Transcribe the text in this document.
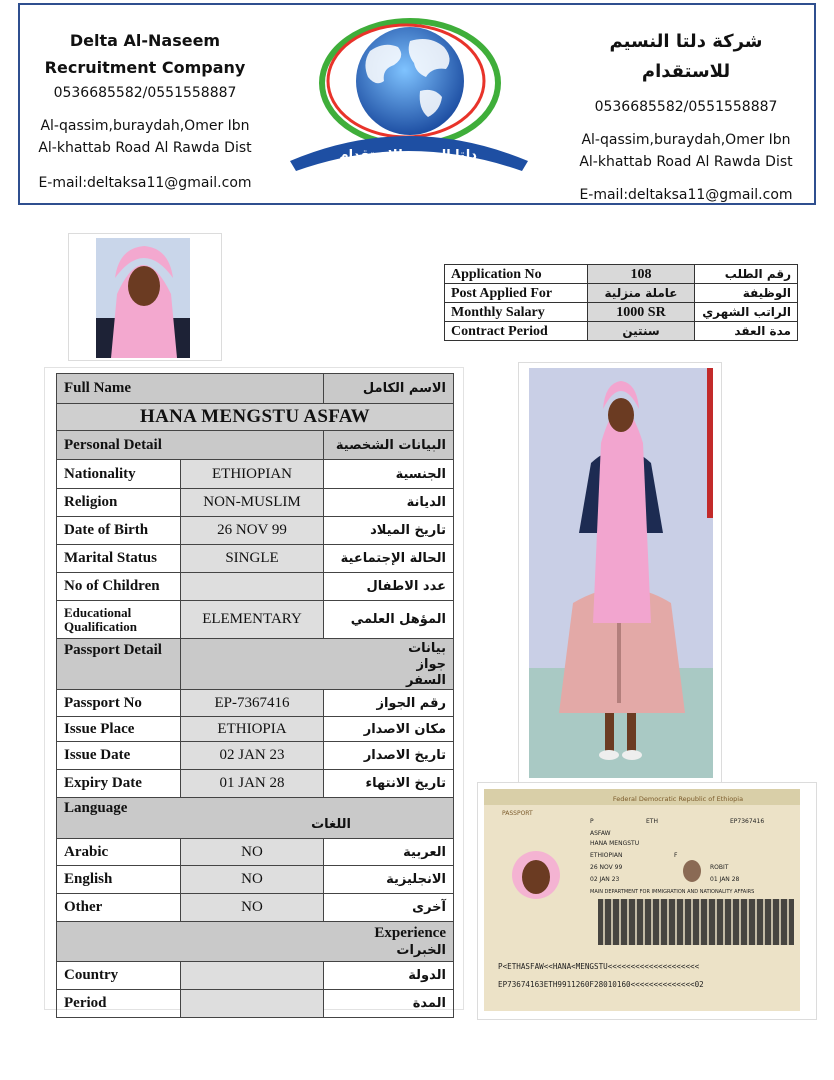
Delta Al-Naseem
Recruitment Company
0536685582/0551558887
Al-qassim,buraydah,Omer Ibn
Al-khattab Road Al Rawda Dist
E-mail:deltaksa11@gmail.com
دلتا النسيم للاستقدام
شركة دلتا النسيم للاستقدام
0536685582/0551558887
Al-qassim,buraydah,Omer Ibn
Al-khattab Road Al Rawda Dist
E-mail:deltaksa11@gmail.com
Application No	108	رقم الطلب
Post Applied For	عاملة منزلية	الوظيفة
Monthly Salary	1000 SR	الراتب الشهري
Contract Period	سنتين	مدة العقد
Full Name		الاسم الكامل
HANA MENGSTU ASFAW		
Personal Detail		البيانات الشخصية
Nationality	ETHIOPIAN	الجنسية
Religion	NON-MUSLIM	الديانة
Date of Birth	26 NOV 99	تاريخ الميلاد
Marital Status	SINGLE	الحالة الإجتماعية
No of Children		عدد الاطفال

Educational
Qualification	ELEMENTARY	المؤهل العلمي
Passport Detail	بيانات جواز
السفر	

Passport No	EP-7367416	رقم الجواز
Issue Place	ETHIOPIA	مكان الاصدار
Issue Date	02 JAN 23	تاريخ الاصدار
Expiry Date	01 JAN 28	تاريخ الانتهاء

Language
اللغات		

Arabic	NO	العربية
English	NO	الانجليزية
Other	NO	آخرى

Experience
الخبرات		

Country		الدولة
Period		المدة
Federal Democratic Republic of Ethiopia
PASSPORT
P	ETH	EP7367416
ASFAW
HANA MENGSTU
ETHIOPIAN	F
26 NOV 99	ROBIT
02 JAN 23	01 JAN 28
MAIN DEPARTMENT FOR IMMIGRATION AND NATIONALITY AFFAIRS
P<ETHASFAW<<HANA<MENGSTU<<<<<<<<<<<<<<<<<<<<
EP73674163ETH9911260F28010160<<<<<<<<<<<<<<02
